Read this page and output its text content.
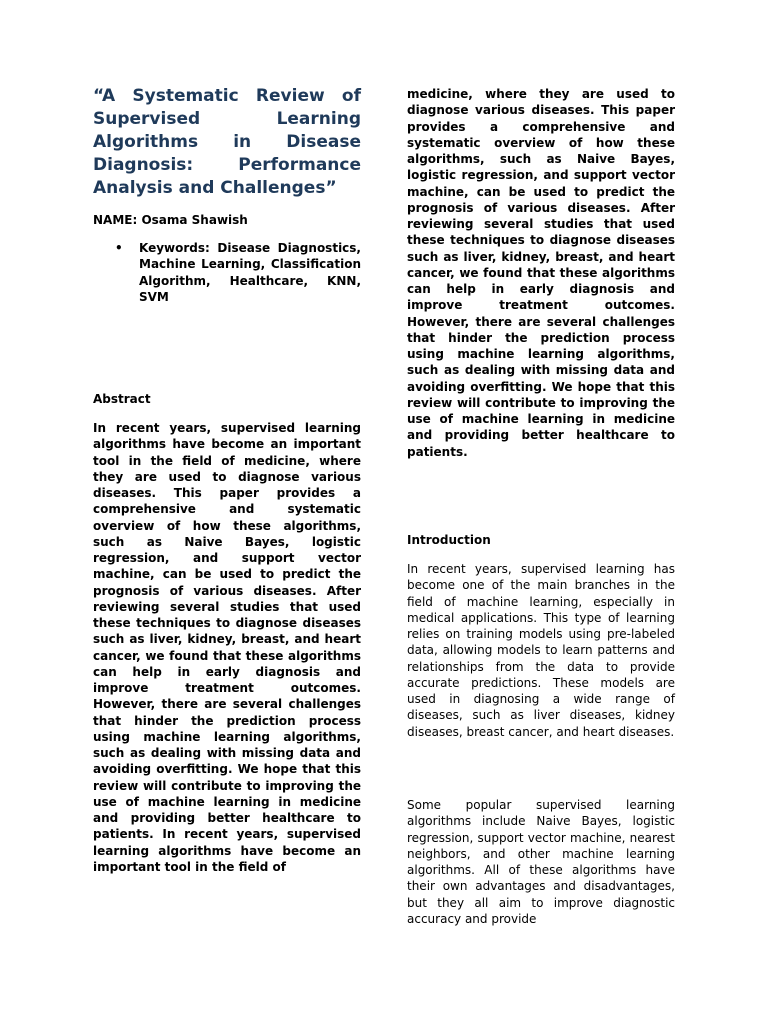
“A Systematic Review of Supervised Learning Algorithms in Disease Diagnosis: Performance Analysis and Challenges”
NAME: Osama Shawish
• Keywords: Disease Diagnostics, Machine Learning, Classification Algorithm, Healthcare, KNN, SVM
Abstract

In recent years, supervised learning algorithms have become an important tool in the field of medicine, where they are used to diagnose various diseases. This paper provides a comprehensive and systematic overview of how these algorithms, such as Naive Bayes, logistic regression, and support vector machine, can be used to predict the prognosis of various diseases. After reviewing several studies that used these techniques to diagnose diseases such as liver, kidney, breast, and heart cancer, we found that these algorithms can help in early diagnosis and improve treatment outcomes. However, there are several challenges that hinder the prediction process using machine learning algorithms, such as dealing with missing data and avoiding overfitting. We hope that this review will contribute to improving the use of machine learning in medicine and providing better healthcare to patients. In recent years, supervised learning algorithms have become an important tool in the field of

medicine, where they are used to diagnose various diseases. This paper provides a comprehensive and systematic overview of how these algorithms, such as Naive Bayes, logistic regression, and support vector machine, can be used to predict the prognosis of various diseases. After reviewing several studies that used these techniques to diagnose diseases such as liver, kidney, breast, and heart cancer, we found that these algorithms can help in early diagnosis and improve treatment outcomes. However, there are several challenges that hinder the prediction process using machine learning algorithms, such as dealing with missing data and avoiding overfitting. We hope that this review will contribute to improving the use of machine learning in medicine and providing better healthcare to patients.

Introduction

In recent years, supervised learning has become one of the main branches in the field of machine learning, especially in medical applications. This type of learning relies on training models using pre-labeled data, allowing models to learn patterns and relationships from the data to provide accurate predictions. These models are used in diagnosing a wide range of diseases, such as liver diseases, kidney diseases, breast cancer, and heart diseases.

Some popular supervised learning algorithms include Naive Bayes, logistic regression, support vector machine, nearest neighbors, and other machine learning algorithms. All of these algorithms have their own advantages and disadvantages, but they all aim to improve diagnostic accuracy and provide
